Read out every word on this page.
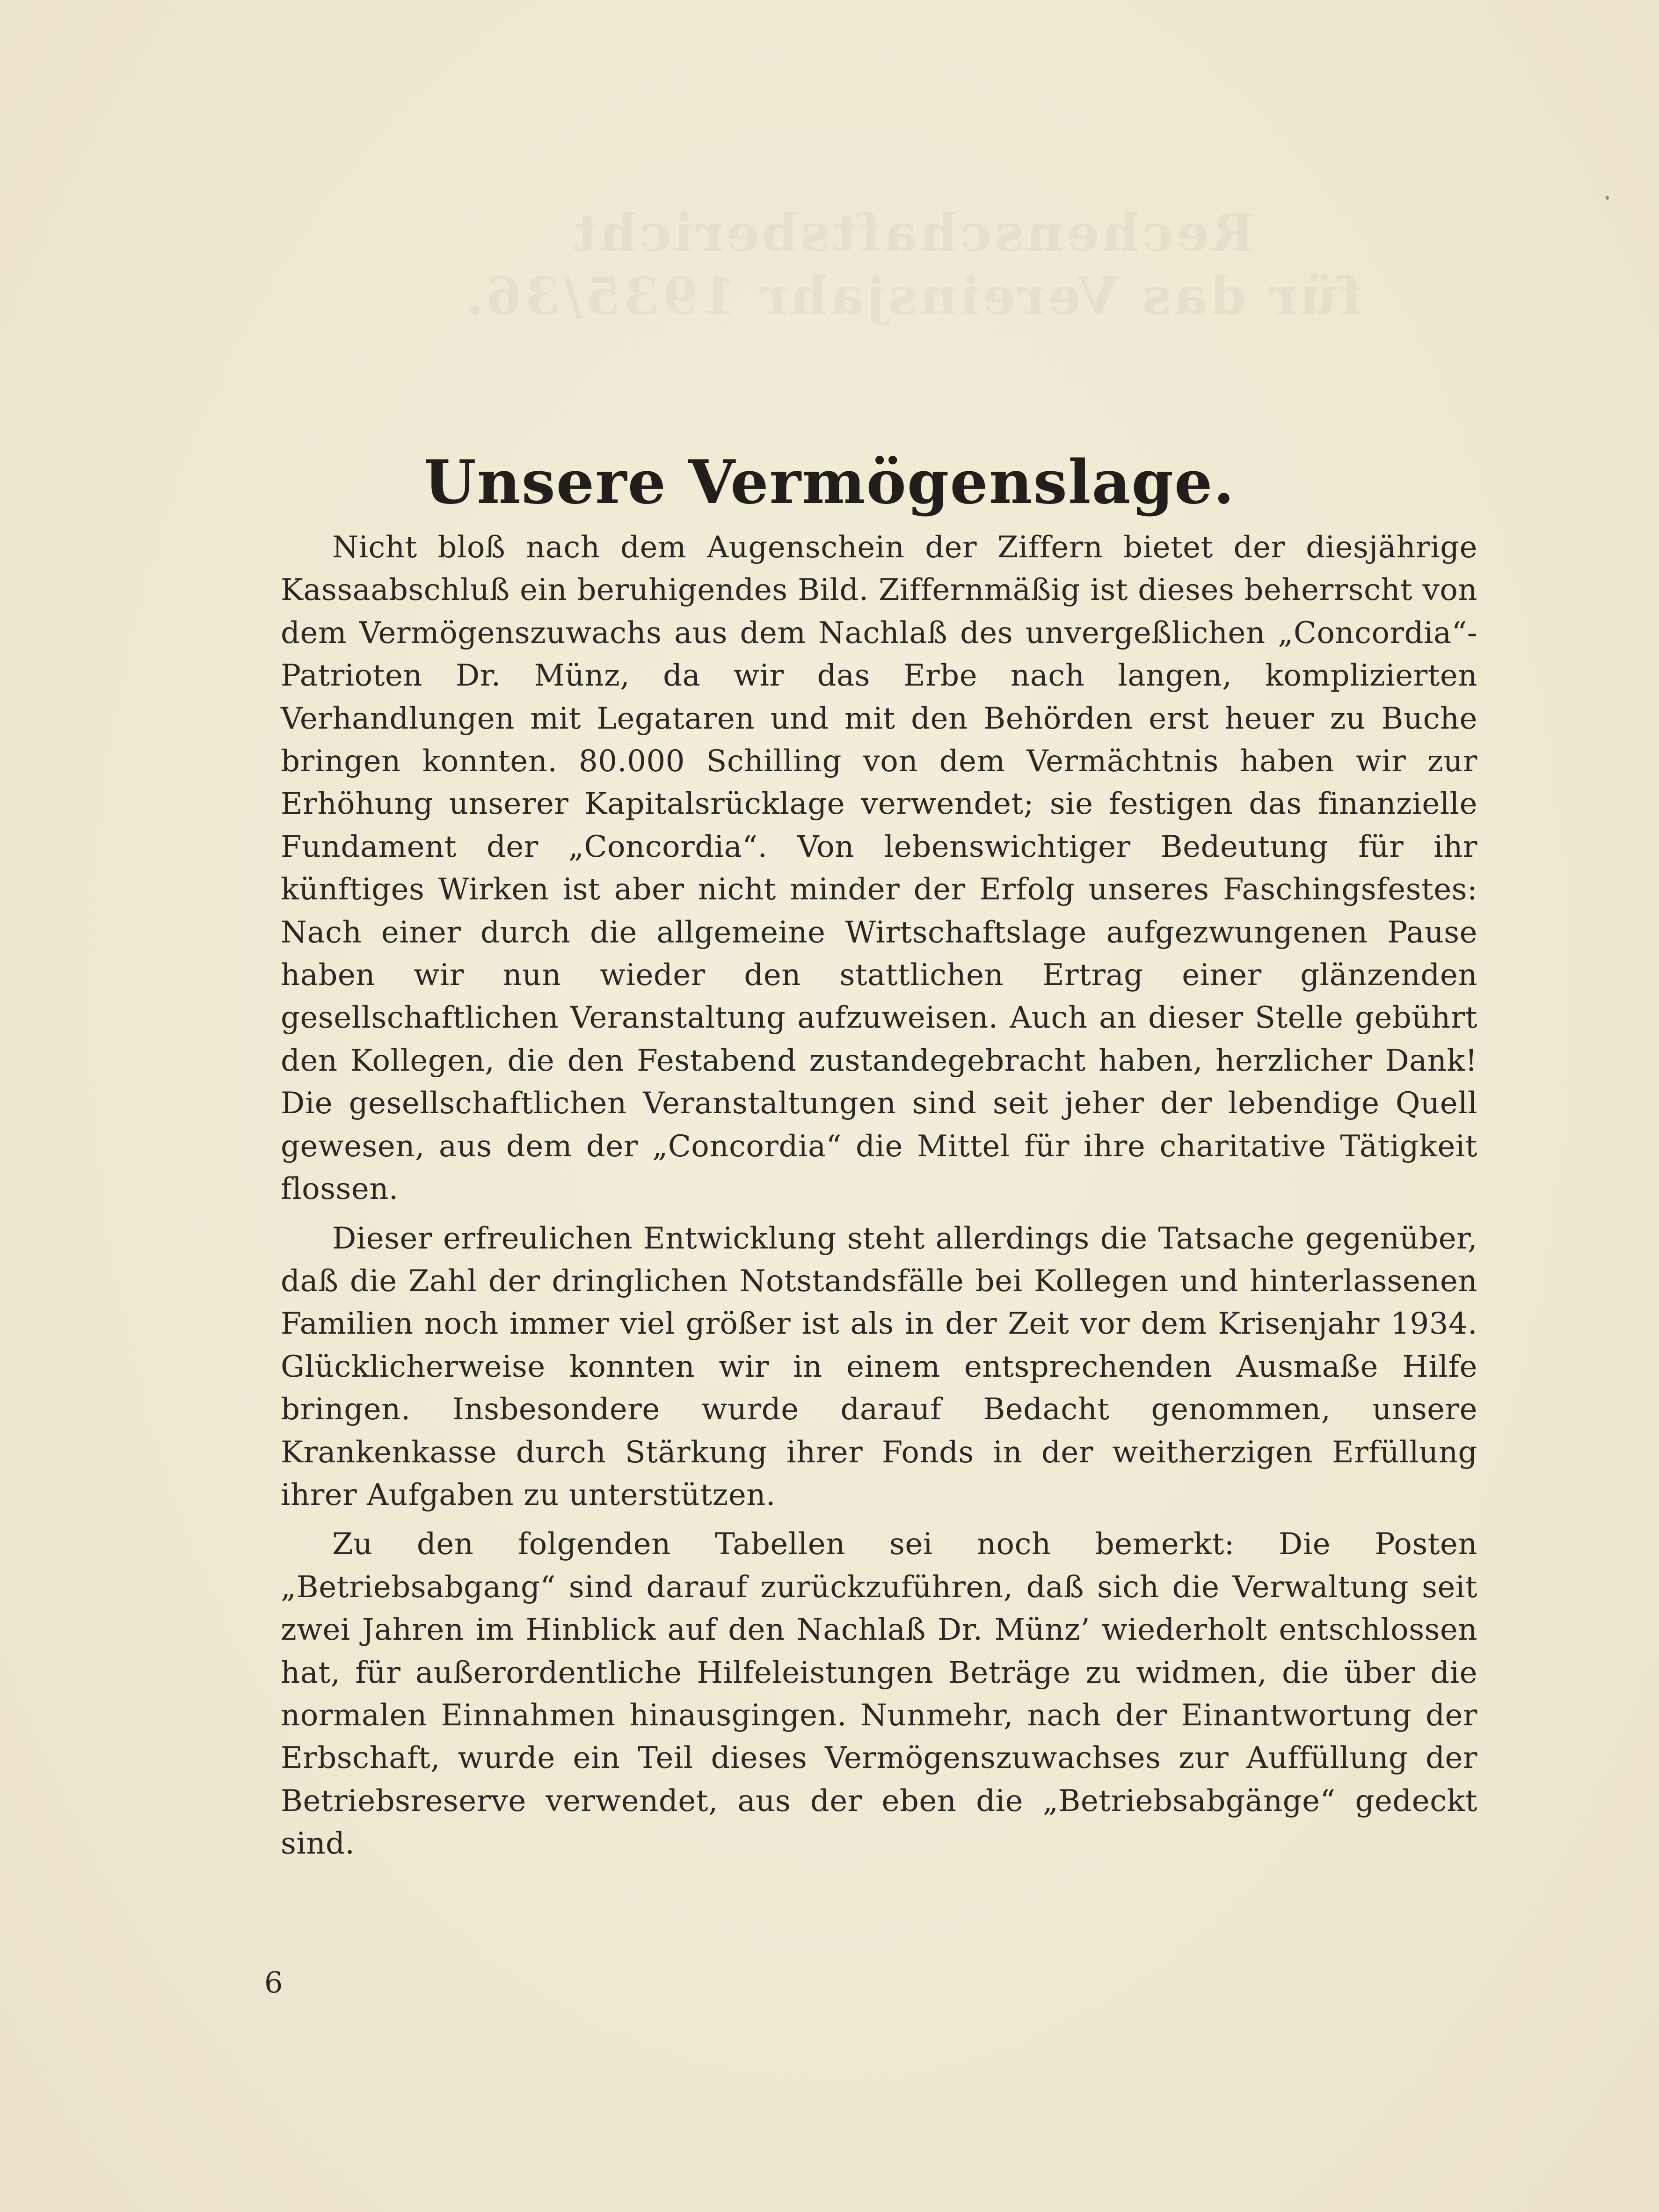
Unsere Vermögenslage.

Nicht bloß nach dem Augenschein der Ziffern bietet der diesjährige Kassaabschluß ein beruhigendes Bild. Ziffernmäßig ist dieses beherrscht von dem Vermögenszuwachs aus dem Nachlaß des unvergeßlichen „Concordia“-Patrioten Dr. Münz, da wir das Erbe nach langen, komplizierten Verhandlungen mit Legataren und mit den Behörden erst heuer zu Buche bringen konnten. 80.000 Schilling von dem Vermächtnis haben wir zur Erhöhung unserer Kapitalsrücklage verwendet; sie festigen das finanzielle Fundament der „Concordia“. Von lebenswichtiger Bedeutung für ihr künftiges Wirken ist aber nicht minder der Erfolg unseres Faschingsfestes: Nach einer durch die allgemeine Wirtschaftslage aufgezwungenen Pause haben wir nun wieder den stattlichen Ertrag einer glänzenden gesellschaftlichen Veranstaltung aufzuweisen. Auch an dieser Stelle gebührt den Kollegen, die den Festabend zustandegebracht haben, herzlicher Dank! Die gesellschaftlichen Veranstaltungen sind seit jeher der lebendige Quell gewesen, aus dem der „Concordia“ die Mittel für ihre charitative Tätigkeit flossen.

Dieser erfreulichen Entwicklung steht allerdings die Tatsache gegenüber, daß die Zahl der dringlichen Notstandsfälle bei Kollegen und hinterlassenen Familien noch immer viel größer ist als in der Zeit vor dem Krisenjahr 1934. Glücklicherweise konnten wir in einem entsprechenden Ausmaße Hilfe bringen. Insbesondere wurde darauf Bedacht genommen, unsere Krankenkasse durch Stärkung ihrer Fonds in der weitherzigen Erfüllung ihrer Aufgaben zu unterstützen.

Zu den folgenden Tabellen sei noch bemerkt: Die Posten „Betriebsabgang“ sind darauf zurückzuführen, daß sich die Verwaltung seit zwei Jahren im Hinblick auf den Nachlaß Dr. Münz’ wiederholt entschlossen hat, für außerordentliche Hilfeleistungen Beträge zu widmen, die über die normalen Einnahmen hinausgingen. Nunmehr, nach der Einantwortung der Erbschaft, wurde ein Teil dieses Vermögenszuwachses zur Auffüllung der Betriebsreserve verwendet, aus der eben die „Betriebsabgänge“ gedeckt sind.

6
